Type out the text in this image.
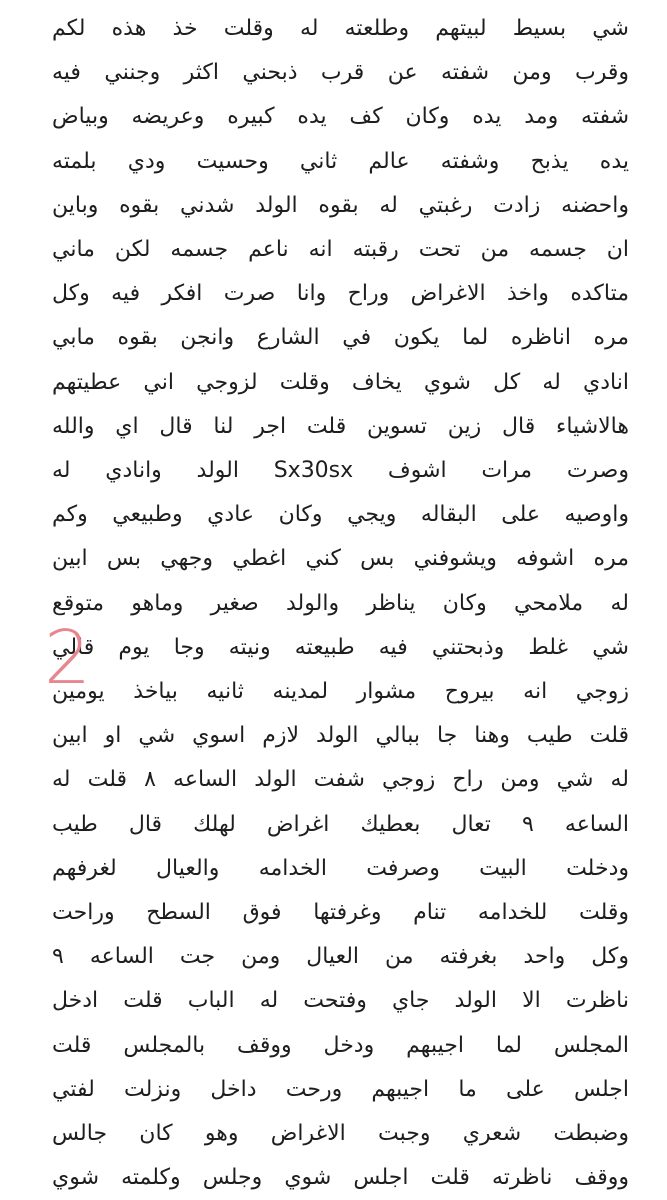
شي بسيط لبيتهم وطلعته له وقلت خذ هذه لكم
وقرب ومن شفته عن قرب ذبحني اكثر وجنني فيه
شفته ومد يده وكان كف يده كبيره وعريضه وبياض
يده يذبح وشفته عالم ثاني وحسيت ودي بلمته
واحضنه زادت رغبتي له بقوه الولد شدني بقوه وباين
ان جسمه من تحت رقبته انه ناعم جسمه لكن ماني
متاكده واخذ الاغراض وراح وانا صرت افكر فيه وكل
مره اناظره لما يكون في الشارع وانجن بقوه مابي
انادي له كل شوي يخاف وقلت لزوجي اني عطيتهم
هالاشياء قال زين تسوين قلت اجر لنا قال اي والله
وصرت مرات اشوف Sx30sx الولد وانادي له
واوصيه على البقاله ويجي وكان عادي وطبيعي وكم
مره اشوفه ويشوفني بس كني اغطي وجهي بس ابين
له ملامحي وكان يناظر والولد صغير وماهو متوقع
شي غلط وذبحتني فيه طبيعته ونيته وجا يوم قالي
زوجي انه بيروح مشوار لمدينه ثانيه بياخذ يومين
قلت طيب وهنا جا ببالي الولد لازم اسوي شي او ابين
له شي ومن راح زوجي شفت الولد الساعه ٨ قلت له
الساعه ٩ تعال بعطيك اغراض لهلك قال طيب
ودخلت البيت وصرفت الخدامه والعيال لغرفهم
وقلت للخدامه تنام وغرفتها فوق السطح وراحت
وكل واحد بغرفته من العيال ومن جت الساعه ٩
ناظرت الا الولد جاي وفتحت له الباب قلت ادخل
المجلس لما اجيبهم ودخل ووقف بالمجلس قلت
اجلس على ما اجيبهم ورحت داخل ونزلت لفتي
وضبطت شعري وجبت الاغراض وهو كان جالس
ووقف ناظرته قلت اجلس شوي وجلس وكلمته شوي
2
